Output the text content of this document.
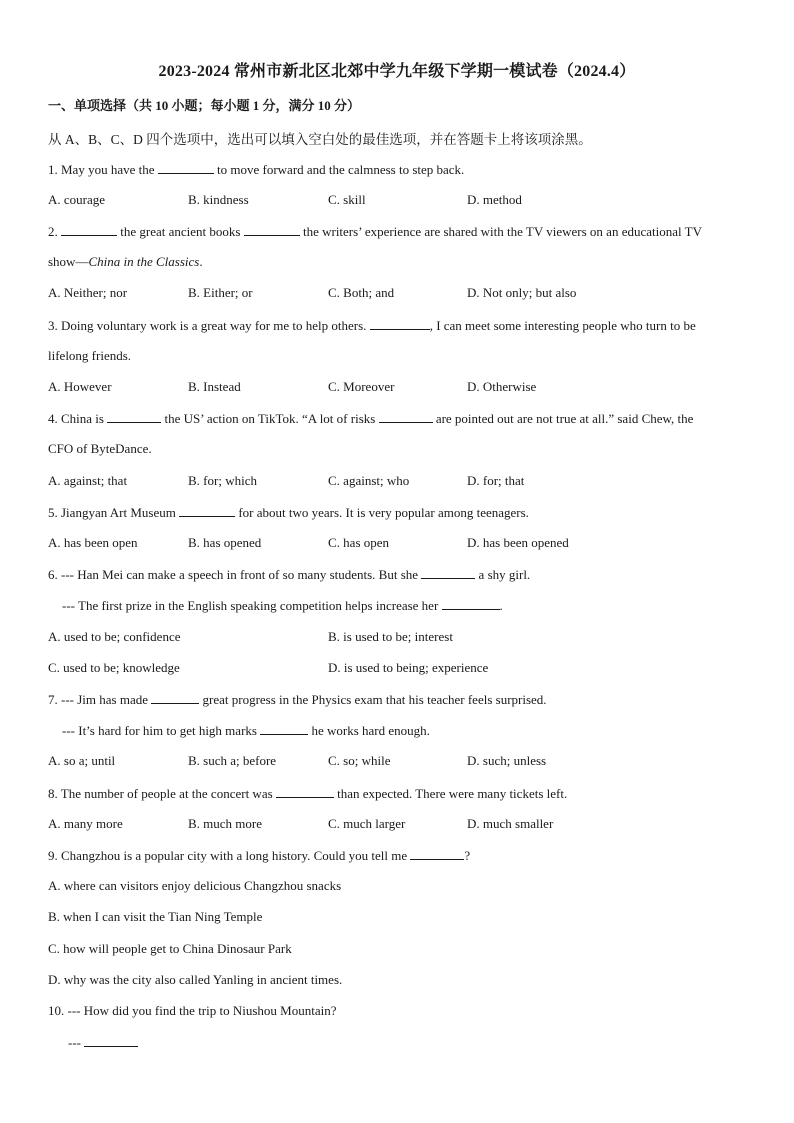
2023-2024 常州市新北区北郊中学九年级下学期一模试卷（2024.4）
一、单项选择（共 10 小题；每小题 1 分，满分 10 分）
从 A、B、C、D 四个选项中，选出可以填入空白处的最佳选项，并在答题卡上将该项涂黑。
1. May you have the	to move forward and the calmness to step back.
A. courage	B. kindness	C. skill	D. method
2.	the great ancient books	the writers’ experience are shared with the TV viewers on an educational TV
show—China in the Classics.
A. Neither; nor	B. Either; or	C. Both; and	D. Not only; but also
3. Doing voluntary work is a great way for me to help others.	, I can meet some interesting people who turn to be
lifelong friends.
A. However	B. Instead	C. Moreover	D. Otherwise
4. China is	the US’ action on TikTok. “A lot of risks	are pointed out are not true at all.” said Chew, the
CFO of ByteDance.
A. against; that	B. for; which	C. against; who	D. for; that
5. Jiangyan Art Museum	for about two years. It is very popular among teenagers.
A. has been open	B. has opened	C. has open	D. has been opened
6. --- Han Mei can make a speech in front of so many students. But she	a shy girl.
--- The first prize in the English speaking competition helps increase her	.
A. used to be; confidence	B. is used to be; interest
C. used to be; knowledge	D. is used to being; experience
7. --- Jim has made	great progress in the Physics exam that his teacher feels surprised.
--- It’s hard for him to get high marks	he works hard enough.
A. so a; until	B. such a; before	C. so; while	D. such; unless
8. The number of people at the concert was	than expected. There were many tickets left.
A. many more	B. much more	C. much larger	D. much smaller
9. Changzhou is a popular city with a long history. Could you tell me	?
A. where can visitors enjoy delicious Changzhou snacks
B. when I can visit the Tian Ning Temple
C. how will people get to China Dinosaur Park
D. why was the city also called Yanling in ancient times.
10. --- How did you find the trip to Niushou Mountain?
---
